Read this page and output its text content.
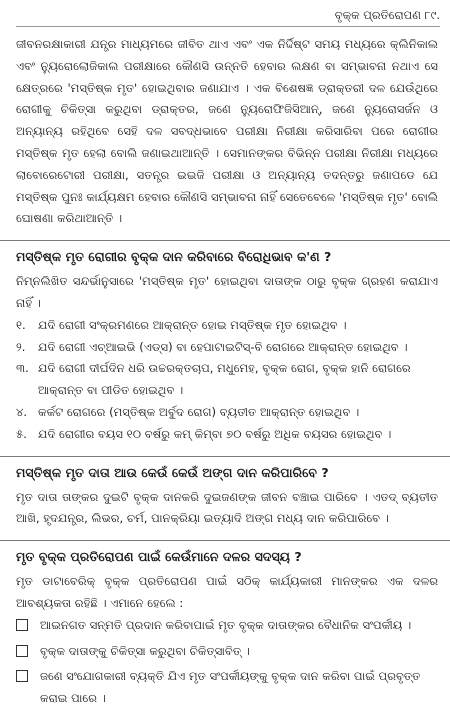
ବୃକ୍କ ପ୍ରତିରୋପଣ ୮୯.

ଜୀବନରକ୍ଷାକାରୀ ଯନ୍ତ୍ର ମାଧ୍ୟମରେ ଜୀବିତ ଥାଏ ଏବଂ ଏକ ନିର୍ଦ୍ଦିଷ୍ଟ ସମୟ ମଧ୍ୟରେ କ୍ଲିନିକାଲ ଏବଂ ନ୍ୟୁରୋଲୋଜିକାଲ ପରୀକ୍ଷାରେ କୌଣସି ଉନ୍ନତି ହେବାର ଲକ୍ଷଣ ବା ସମ୍ଭାବନା ନଥାଏ ସେ କ୍ଷେତ୍ରରେ 'ମସ୍ତିଷ୍କ ମୃତ' ହୋଇଥିବାର ଜଣାଯାଏ । ଏକ ବିଶେଷଜ୍ଞ ଡ୍ରାକ୍ତରୀ ଦଳ ଯେଉଁଥିରେ ରୋଗୀକୁ ଚିକିତ୍ସା କରୁଥିବା ଡ୍ରାକ୍ତର, ଜଣେ ନ୍ୟୁରୋଫିଜିସିଆନ୍, ଜଣେ ନ୍ୟୁରୋସର୍ଜନ ଓ ଅନ୍ୟାନ୍ୟ ରହିଥିବେ ସେହି ଦଳ ସବଦ୍ଧଭାବେ ପରୀକ୍ଷା ନିରୀକ୍ଷା କରିସାରିବା ପରେ ରୋଗୀର ମସ୍ତିଷ୍କ ମୃତ ହେଲା ବୋଲି ଜଣାଇଥାଆନ୍ତି । ସେମାନଙ୍କର ବିଭିନ୍ନ ପରୀକ୍ଷା ନିରୀକ୍ଷା ମଧ୍ୟରେ ଲାବୋରେଟୋରୀ ପରୀକ୍ଷା, ସତନ୍ତ୍ର ଇଇଜି ପରୀକ୍ଷା ଓ ଅନ୍ୟାନ୍ୟ ତଦନ୍ତରୁ ଜଣାପଡେ ଯେ ମସ୍ତିଷ୍କ ପୁନଃ କାର୍ଯ୍ୟକ୍ଷମ ହେବାର କୌଣସି ସମ୍ଭାବନା ନାହିଁ ସେତେବେଳେ 'ମସ୍ତିଷ୍କ ମୃତ' ବୋଲି ଘୋଷଣା କରିଥାଆନ୍ତି ।

ମସ୍ତିଷ୍କ ମୃତ ରୋଗୀର ବୃକ୍କ ଦାନ କରିବାରେ ବିରୋଧିଭାବ କ'ଣ ?
ନିମ୍ନଲିଖିତ ସନ୍ଦର୍ଭାନୁସାରେ 'ମସ୍ତିଷ୍କ ମୃତ' ହୋଇଥିବା ଦାତାଙ୍କ ଠାରୁ ବୃକ୍କ ଗ୍ରହଣ କରାଯାଏ ନାହିଁ ।
୧.	ଯଦି ରୋଗୀ ସଂକ୍ରମଣରେ ଆକ୍ରାନ୍ତ ହୋଇ ମସ୍ତିଷ୍କ ମୃତ ହୋଇଥିବ ।
୨.	ଯଦି ରୋଗୀ ଏଚ୍‌ଆଇଭି (ଏଡ୍ସ) ବା ହେପାଟାଇଟିସ୍-ବି ରୋଗରେ ଆକ୍ରାନ୍ତ ହୋଇଥିବ ।
୩. ଯଦି ରୋଗୀ ଦୀର୍ଘଦିନ ଧରି ଉଚ୍ଚରକ୍ତଚାପ, ମଧୁମେହ, ବୃକ୍କ ରୋଗ, ବୃକ୍କ ହାନି ରୋଗରେ ଆକ୍ରାନ୍ତ ବା ପୀଡିତ ହୋଇଥିବ ।
୪. କର୍କଟ ରୋଗରେ (ମସ୍ତିଷ୍କ ଅର୍ବୁଦ ରୋଗ) ବ୍ୟତୀତ ଆକ୍ରାନ୍ତ ହୋଇଥିବ ।
୫. ଯଦି ରୋଗୀର ବୟସ ୧୦ ବର୍ଷରୁ କମ୍ କିମ୍ବା ୭୦ ବର୍ଷରୁ ଅଧିକ ବୟସର ହୋଇଥିବ ।
ମସ୍ତିଷ୍କ ମୃତ ଦାତା ଆଉ କେଉଁ କେଉଁ ଅଙ୍ଗ ଦାନ କରିପାରିବେ ?
ମୃତ ଦାତା ତାଙ୍କର ଦୁଇଟି ବୃକ୍କ ଦାନକରି ଦୁଇଜଣଙ୍କ ଜୀବନ ବଞ୍ଚାଇ ପାରିବେ । ଏତଦ୍ ବ୍ୟତୀତ ଆଖି, ହୃଦଯନ୍ତ୍ର, ଲିଭର, ଚର୍ମ, ପାନକ୍ରିୟା ଇତ୍ୟାଦି ଅଙ୍ଗ ମଧ୍ୟ ଦାନ କରିପାରିବେ ।
ମୃତ ବୃକ୍କ ପ୍ରତିରୋପଣ ପାଇଁ କେଉଁମାନେ ଦଳର ସଦସ୍ୟ ?
ମୃତ ଡାଟାବେରିକ୍ ବୃକ୍କ ପ୍ରତିରୋପଣ ପାଇଁ ସଠିକ୍ କାର୍ଯ୍ୟକାରୀ ମାନଙ୍କର ଏକ ଦଳର ଆବଶ୍ୟକତା ରହିଛି । ଏମାନେ ହେଲେ :
ଆଇନଗତ ସନ୍ମତି ପ୍ରଦାନ କରିବାପାଇଁ ମୃତ ବୃକ୍କ ଦାତାଙ୍କର ବୈଧାନିକ ସଂପର୍କୀୟ ।
ବୃକ୍କ ଦାତାଙ୍କୁ ଚିକିତ୍ସା କରୁଥିବା ଚିକିତ୍ସାବିତ୍ ।
ଜଣେ ସଂଯୋଗକାରୀ ବ୍ୟକ୍ତି ଯିଏ ମୃତ ସଂପର୍କୀୟଙ୍କୁ ବୃକ୍କ ଦାନ କରିବା ପାଇଁ ପ୍ରବୃତ୍ତ କରାଇ ପାରେ ।
